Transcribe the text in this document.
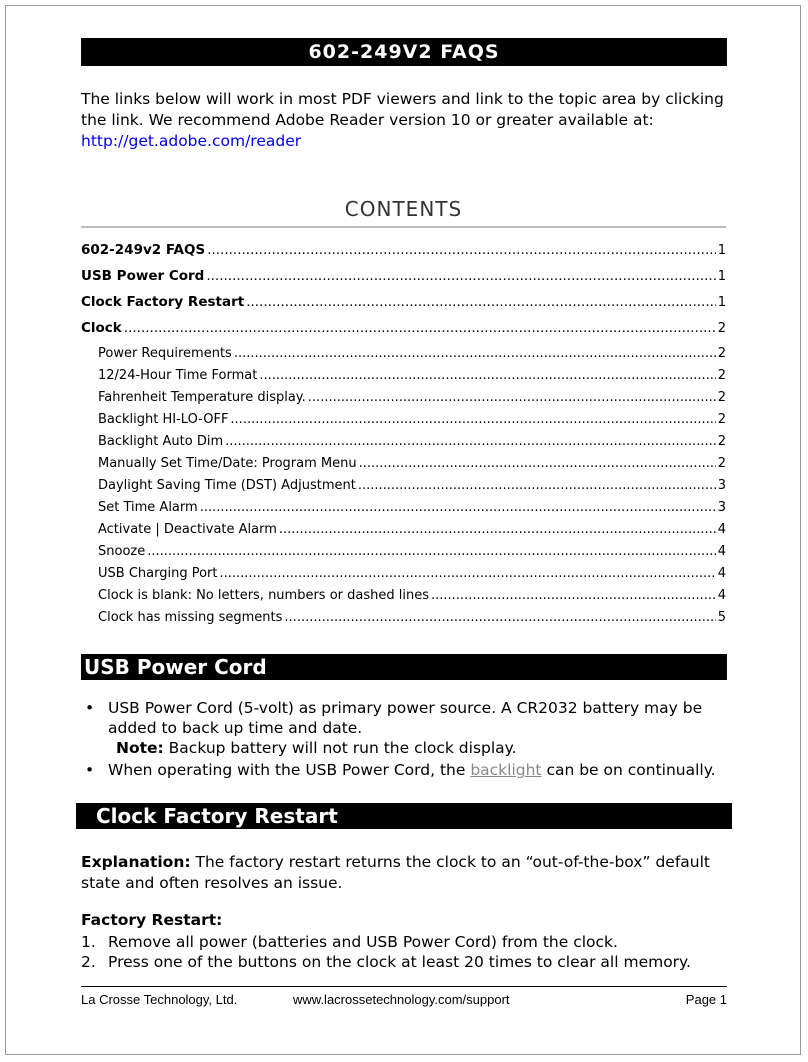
602-249V2 FAQS
The links below will work in most PDF viewers and link to the topic area by clicking the link. We recommend Adobe Reader version 10 or greater available at:
http://get.adobe.com/reader
CONTENTS
602-249v2 FAQS .....	1
USB Power Cord .....	1
Clock Factory Restart .....	1
Clock .....	2
Power Requirements .....	2
12/24-Hour Time Format .....	2
Fahrenheit Temperature display. .....	2
Backlight HI-LO-OFF .....	2
Backlight Auto Dim .....	2
Manually Set Time/Date: Program Menu .....	2
Daylight Saving Time (DST) Adjustment .....	3
Set Time Alarm .....	3
Activate | Deactivate Alarm .....	4
Snooze .....	4
USB Charging Port .....	4
Clock is blank: No letters, numbers or dashed lines .....	4
Clock has missing segments .....	5
USB Power Cord
• USB Power Cord (5-volt) as primary power source. A CR2032 battery may be added to back up time and date.
Note: Backup battery will not run the clock display.
• When operating with the USB Power Cord, the backlight can be on continually.
Clock Factory Restart
Explanation: The factory restart returns the clock to an “out-of-the-box” default state and often resolves an issue.
Factory Restart:
1. Remove all power (batteries and USB Power Cord) from the clock.
2. Press one of the buttons on the clock at least 20 times to clear all memory.
La Crosse Technology, Ltd.	www.lacrossetechnology.com/support	Page 1
